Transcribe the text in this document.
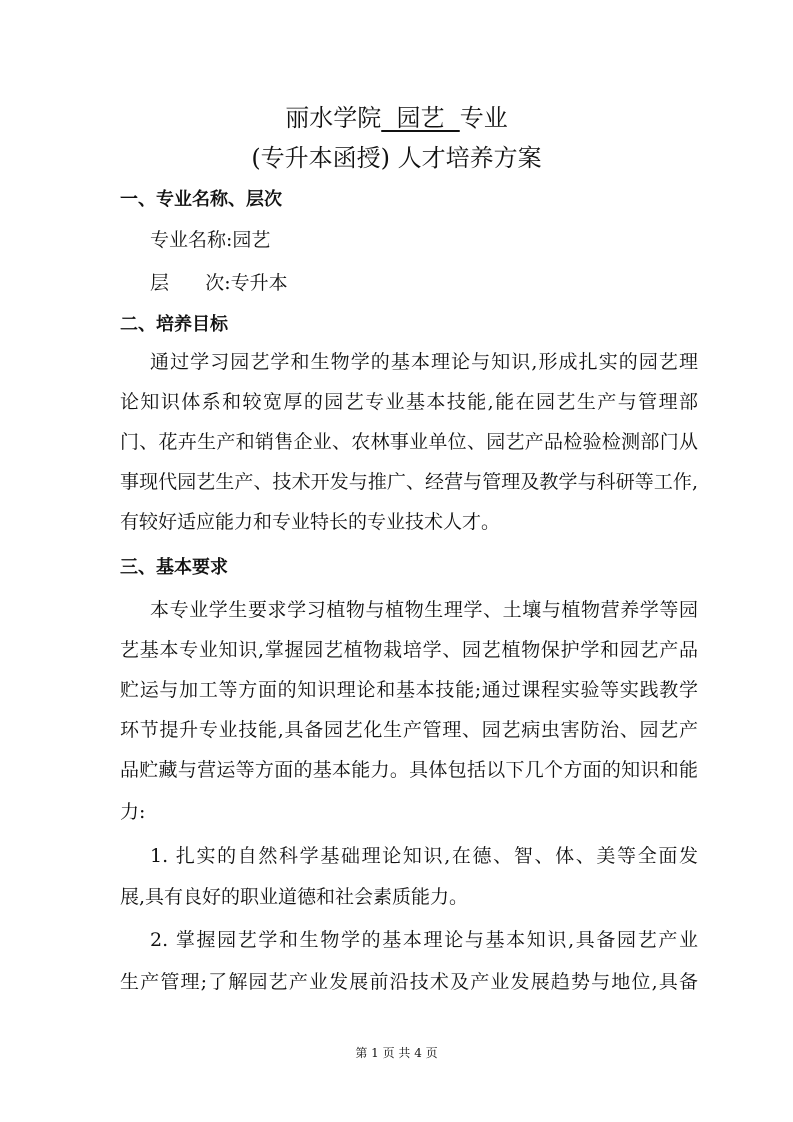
丽水学院  园艺  专业
(专升本函授) 人才培养方案
一、专业名称、层次
专业名称:园艺
层      次:专升本
二、培养目标
通过学习园艺学和生物学的基本理论与知识,形成扎实的园艺理
论知识体系和较宽厚的园艺专业基本技能,能在园艺生产与管理部
门、花卉生产和销售企业、农林事业单位、园艺产品检验检测部门从
事现代园艺生产、技术开发与推广、经营与管理及教学与科研等工作,
有较好适应能力和专业特长的专业技术人才。
三、基本要求
本专业学生要求学习植物与植物生理学、土壤与植物营养学等园
艺基本专业知识,掌握园艺植物栽培学、园艺植物保护学和园艺产品
贮运与加工等方面的知识理论和基本技能;通过课程实验等实践教学
环节提升专业技能,具备园艺化生产管理、园艺病虫害防治、园艺产
品贮藏与营运等方面的基本能力。具体包括以下几个方面的知识和能
力:
1. 扎实的自然科学基础理论知识,在德、智、体、美等全面发
展,具有良好的职业道德和社会素质能力。
2. 掌握园艺学和生物学的基本理论与基本知识,具备园艺产业
生产管理;了解园艺产业发展前沿技术及产业发展趋势与地位,具备
第 1 页 共 4 页
